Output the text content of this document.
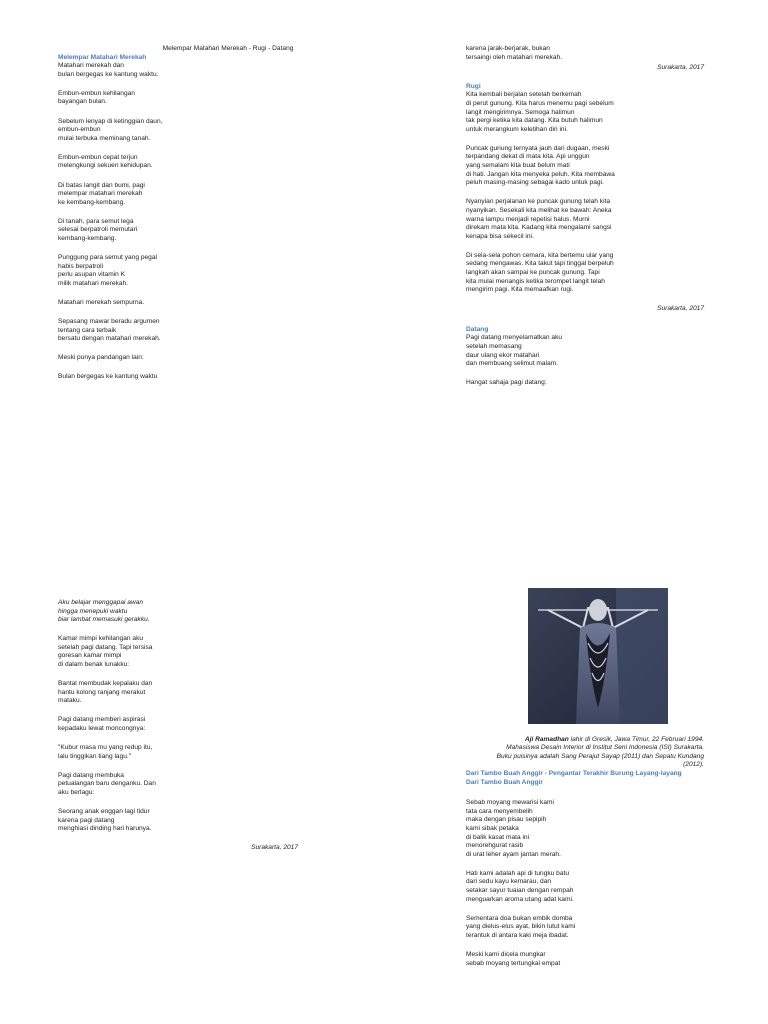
Melempar Matahari Merekah - Rugi - Datang
Melempar Matahari Merekah

Matahari merekah dan
bulan bergegas ke kantung waktu.

Embun-embun kehilangan
bayangan bulan.

Sebelum lenyap di ketinggian daun,
embun-embun
mulai terbuka meminang tanah.

Embun-embun cepat terjun
melengkungi sekuen kehidupan.

Di batas langit dan bumi, pagi
melempar matahari merekah
ke kembang-kembang.

Di tanah, para semut lega
selesai berpatroli memutari
kembang-kembang.

Punggung para semut yang pegal
habis berpatroli
perlu asupan vitamin K
milik matahari merekah.

Matahari merekah sempurna.

Sepasang mawar beradu argumen
tentang cara terbaik
bersatu dengan matahari merekah.

Meski punya pandangan lain:

Bulan bergegas ke kantung waktu

karena jarak-berjarak, bukan
tersaingi oleh matahari merekah.

Surakarta, 2017
Rugi

Kita kembali berjalan setelah berkemah
di perut gunung. Kita harus menemu pagi sebelum
langit mengirimnya. Semoga halimun
tak pergi ketika kita datang. Kita butuh halimun
untuk merangkum keletihan diri ini.

Puncak gunung ternyata jauh dari dugaan, meski
terpandang dekat di mata kita. Api unggun
yang semalam kita buat belum mati
di hati. Jangan kita menyeka peluh. Kita membawa
peluh masing-masing sebagai kado untuk pagi.

Nyanyian perjalanan ke puncak gunung telah kita
nyanyikan. Sesekali kita melihat ke bawah: Aneka
warna lampu menjadi repetisi halus. Murni
direkam mata kita. Kadang kita mengalami sangsi
kenapa bisa sekecil ini.

Di sela-sela pohon cemara, kita bertemu ular yang
sedang mengawas. Kita takut tapi tinggal berpeluh
langkah akan sampai ke puncak gunung. Tapi
kita mulai menangis ketika terompet langit telah
mengirim pagi. Kita memaafkan rugi.

Surakarta, 2017
Datang

Pagi datang menyelamatkan aku
setelah memasang
daur ulang ekor matahari
dan membuang selimut malam.

Hangat sahaja pagi datang:

Aku belajar menggapai awan
hingga menepuki waktu
biar lambat memasuki gerakku.

Kamar mimpi kehilangan aku
setelah pagi datang. Tapi tersisa
goresan kamar mimpi
di dalam benak lunakku:

Bantal membudak kepalaku dan
hantu kolong ranjang merakut
mataku.

Pagi datang memberi aspirasi
kepadaku lewat moncongnya:

"Kubur masa mu yang redup itu,
lalu tinggikan tiang lagu."

Pagi datang membuka
petualangan baru denganku. Dan
aku berlagu:

Seorang anak enggan lagi tidur
karena pagi datang
menghiasi dinding hari harunya.

Surakarta, 2017

Aji Ramadhan lahir di Gresik, Jawa Timur, 22 Februari 1994.
Mahasiswa Desain Interior di Institut Seni Indonesia (ISI) Surakarta.
Buku puisinya adalah Sang Perajut Sayap (2011) dan Sepatu Kundang
(2012).

Dari Tambo Buah Anggir - Pengantar Terakhir Burung Layang-layang
Dari Tambo Buah Anggir

Sebab moyang mewarisi kami
tata cara menyembelih
maka dengan pisau sepipih
kami sibak petaka
di balik kasat mata ini
menorehgurat rasib
di urat leher ayam jantan merah.

Hati kami adalah api di tungku batu
dari sedu kayu kemarau, dan
setakar sayur tuaian dengan rempah
menguarkan aroma utang adat kami.

Sementara doa bukan embik domba
yang dielus-elus ayat, bikin lutut kami
terantuk di antara kaki meja ibadat.

Meski kami dicela mungkar
sebab moyang tertungkai empat
